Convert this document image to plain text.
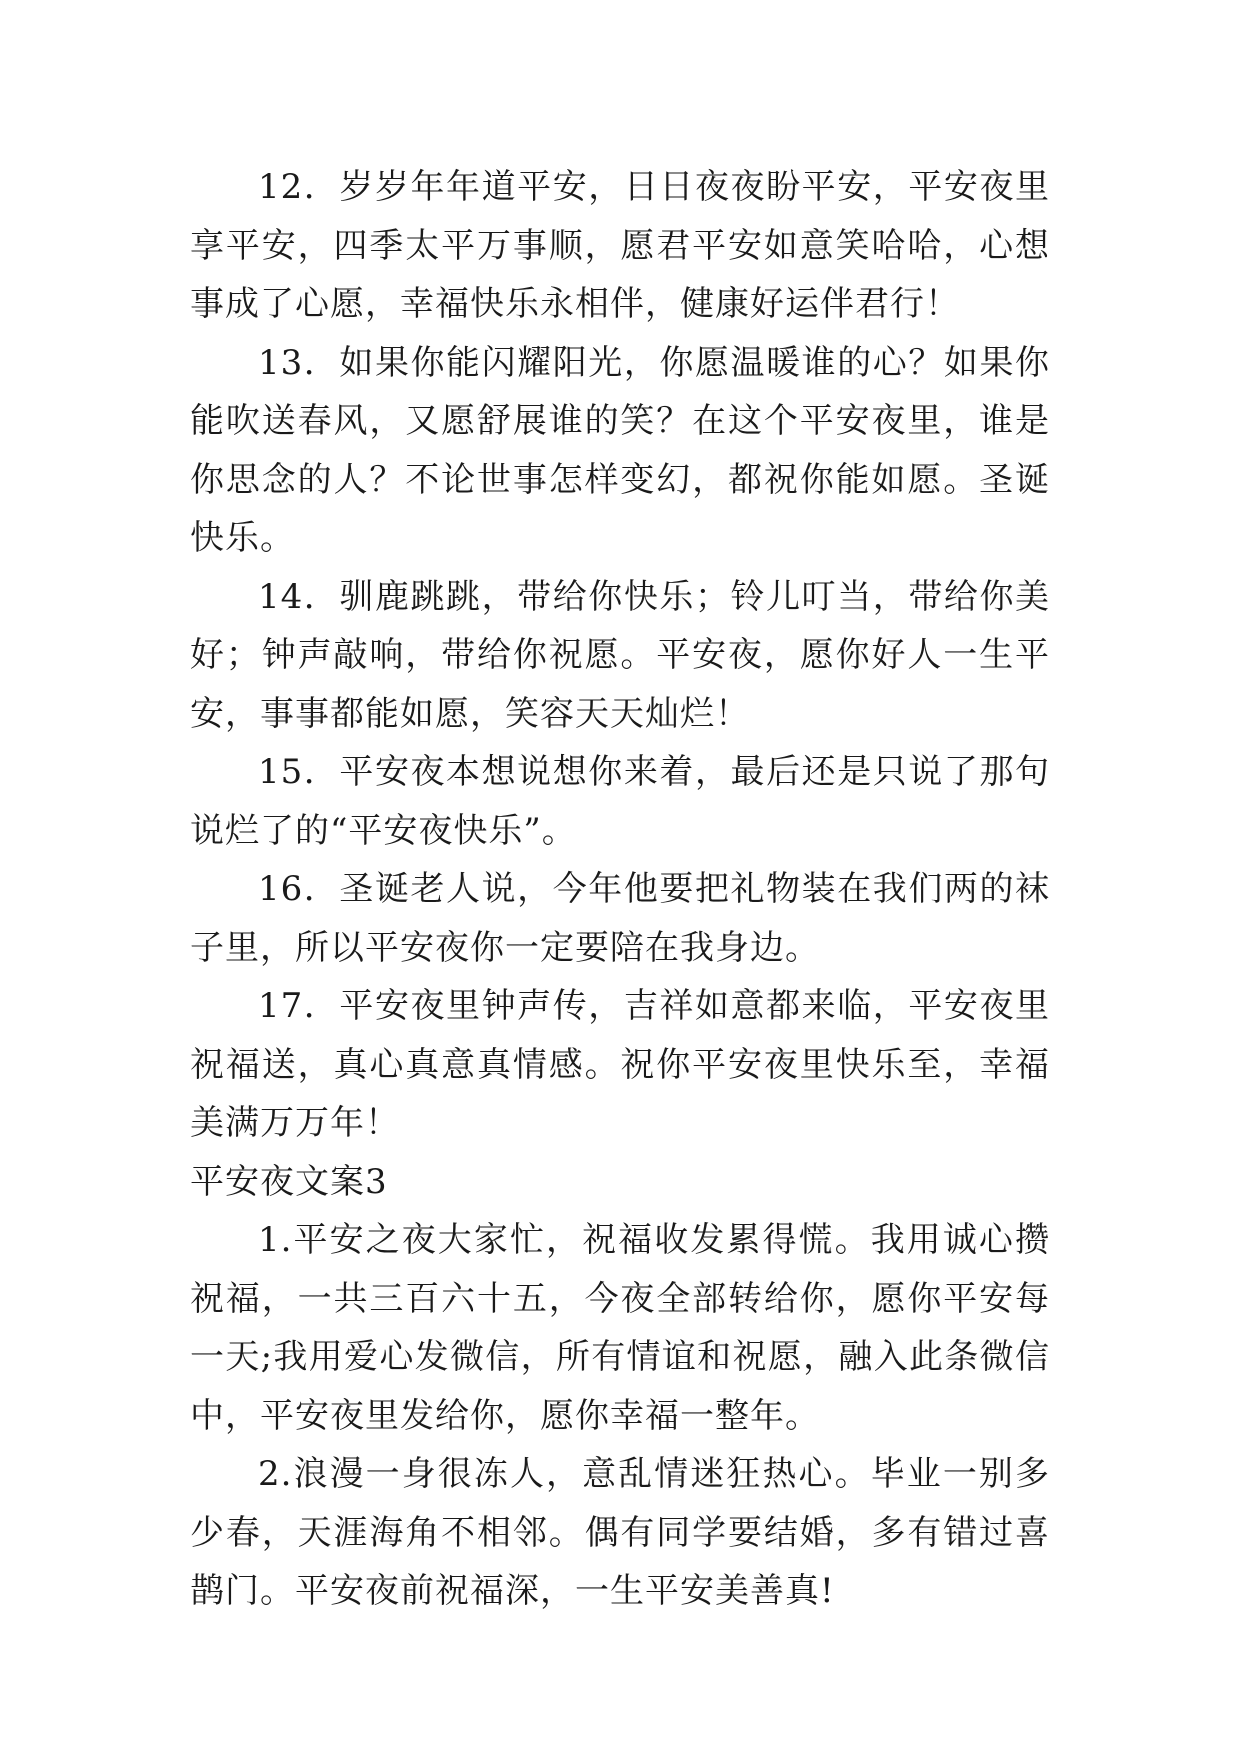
12．岁岁年年道平安，日日夜夜盼平安，平安夜里享平安，四季太平万事顺，愿君平安如意笑哈哈，心想事成了心愿，幸福快乐永相伴，健康好运伴君行！

13．如果你能闪耀阳光，你愿温暖谁的心？如果你能吹送春风，又愿舒展谁的笑？在这个平安夜里，谁是你思念的人？不论世事怎样变幻，都祝你能如愿。圣诞快乐。

14．驯鹿跳跳，带给你快乐；铃儿叮当，带给你美好；钟声敲响，带给你祝愿。平安夜，愿你好人一生平安，事事都能如愿，笑容天天灿烂！

15．平安夜本想说想你来着，最后还是只说了那句说烂了的“平安夜快乐”。

16．圣诞老人说，今年他要把礼物装在我们两的袜子里，所以平安夜你一定要陪在我身边。

17．平安夜里钟声传，吉祥如意都来临，平安夜里祝福送，真心真意真情感。祝你平安夜里快乐至，幸福美满万万年！

平安夜文案3

1.平安之夜大家忙，祝福收发累得慌。我用诚心攒祝福，一共三百六十五，今夜全部转给你，愿你平安每一天;我用爱心发微信，所有情谊和祝愿，融入此条微信中，平安夜里发给你，愿你幸福一整年。

2.浪漫一身很冻人，意乱情迷狂热心。毕业一别多少春，天涯海角不相邻。偶有同学要结婚，多有错过喜鹊门。平安夜前祝福深，一生平安美善真!
